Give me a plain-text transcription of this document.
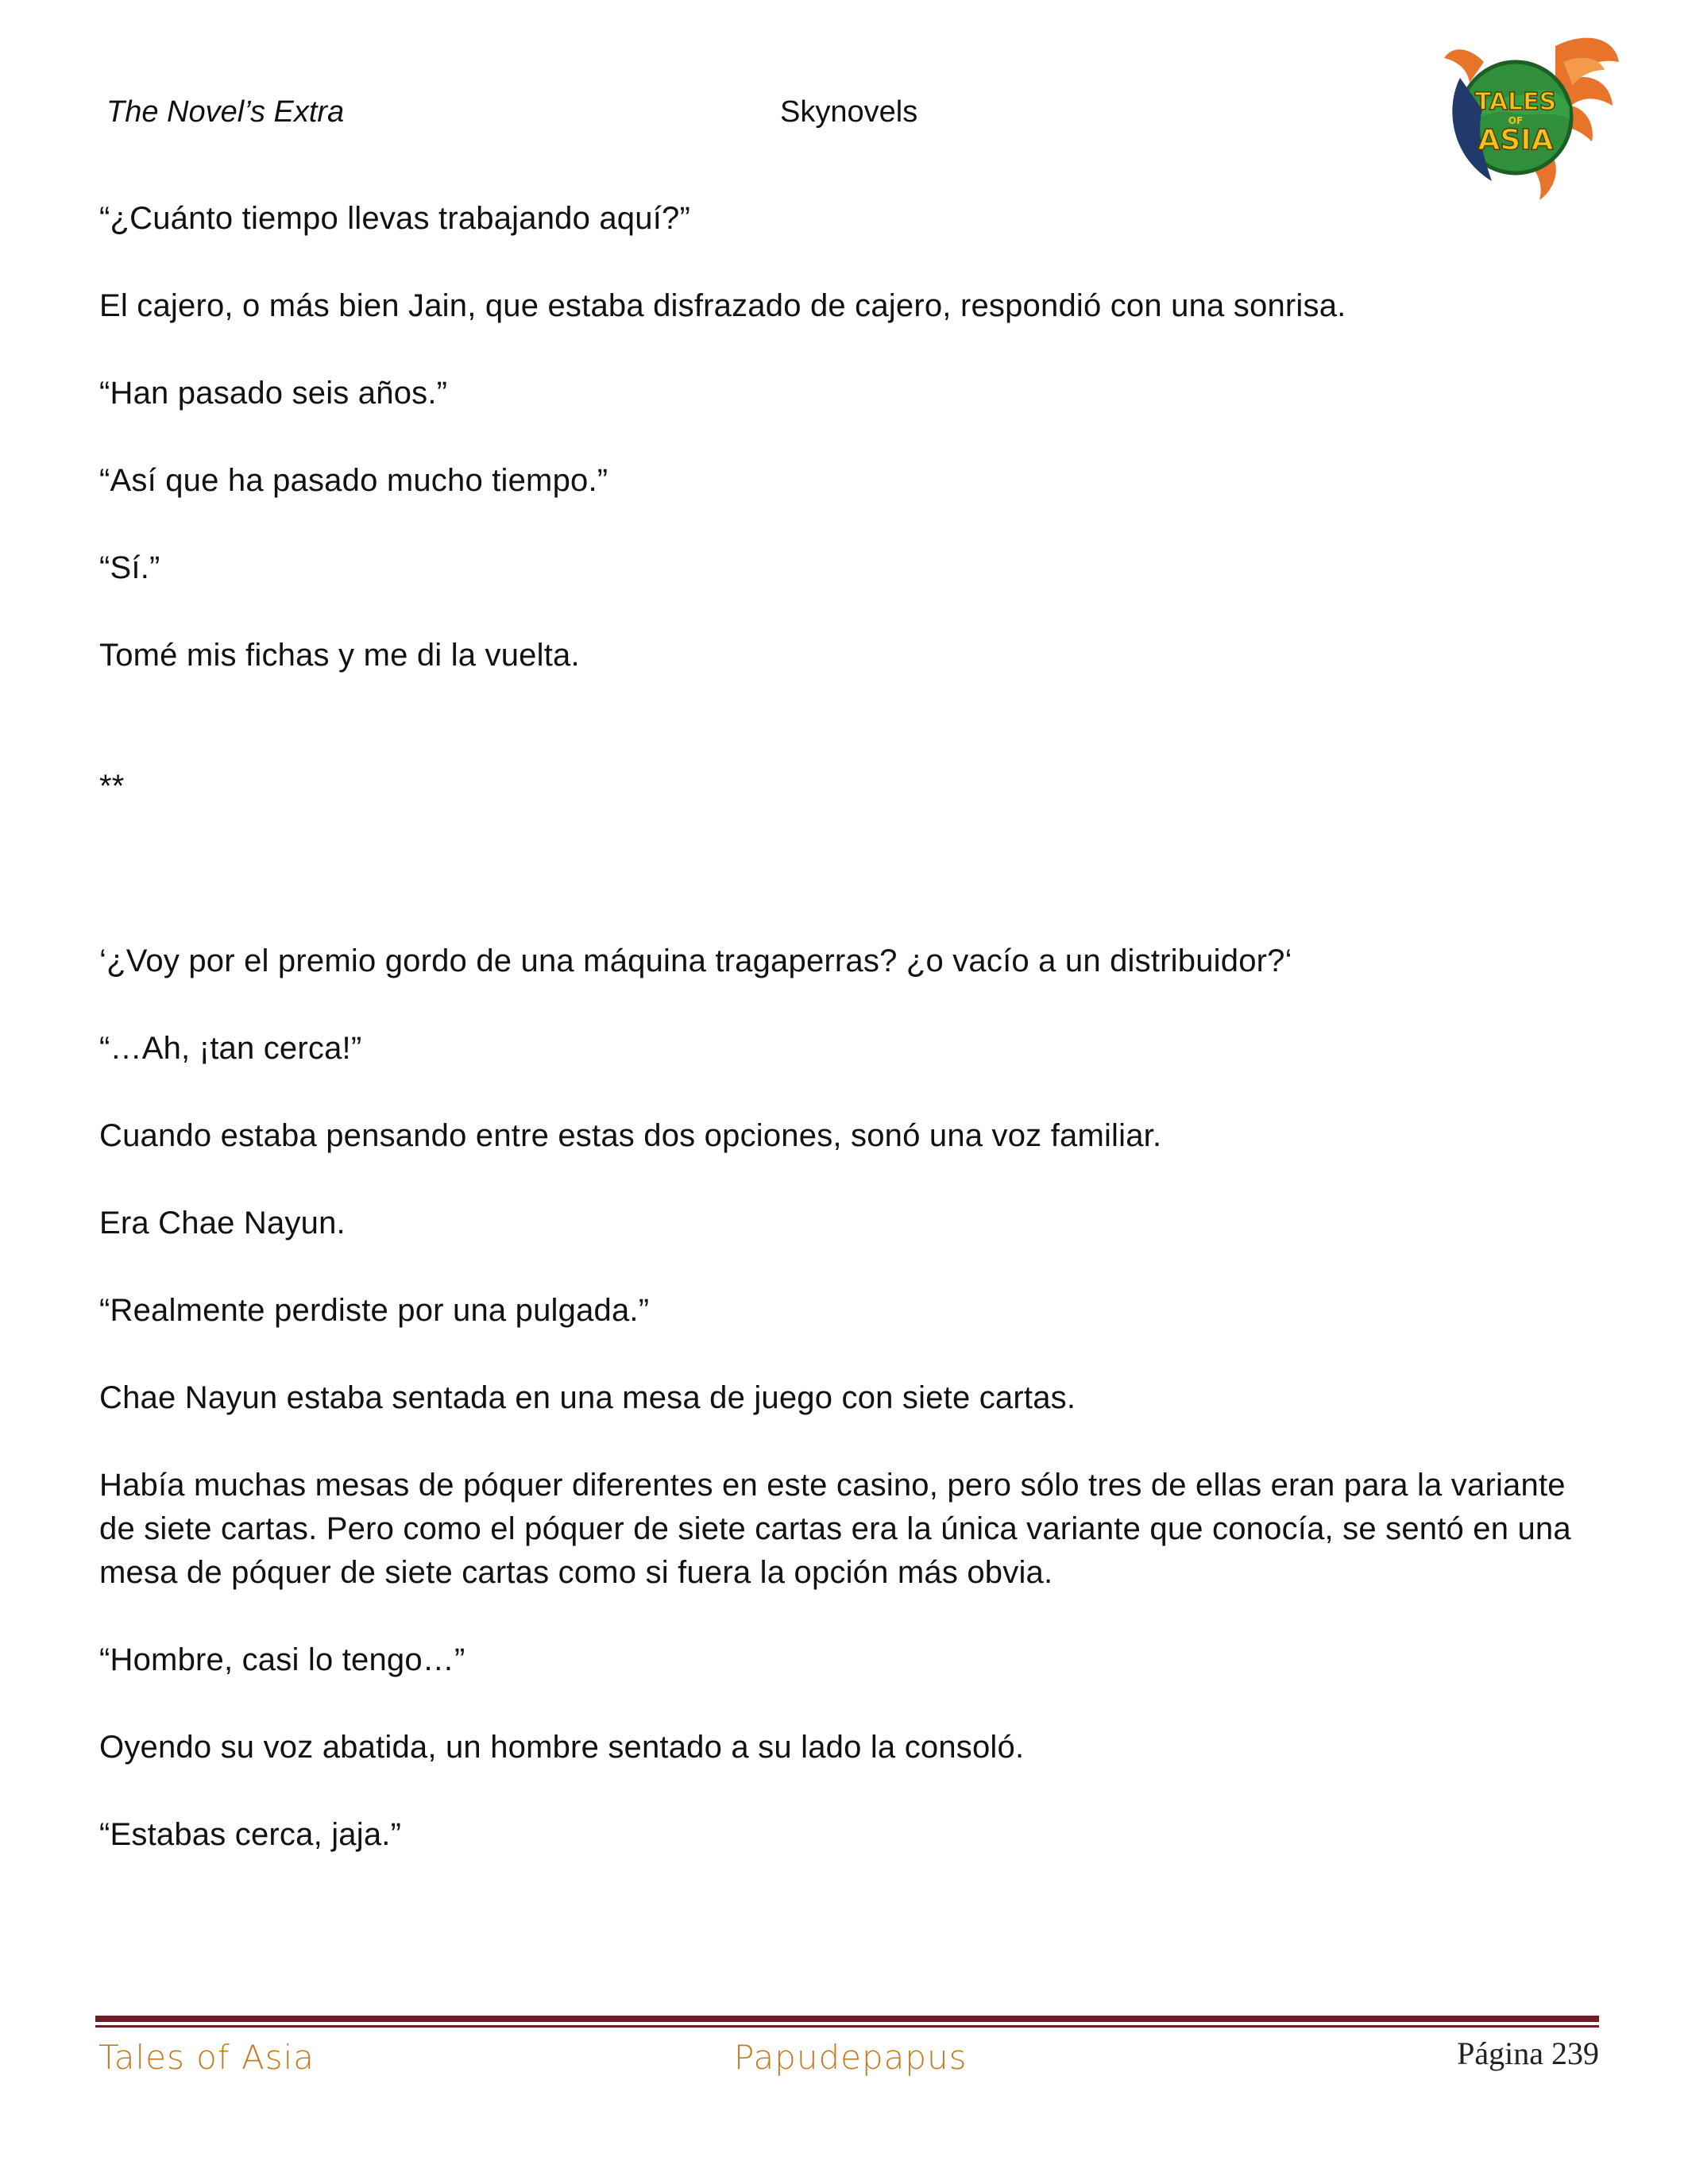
The Novel’s Extra	Skynovels	TALES
OF
ASIA

“¿Cuánto tiempo llevas trabajando aquí?”

El cajero, o más bien Jain, que estaba disfrazado de cajero, respondió con una sonrisa.

“Han pasado seis años.”

“Así que ha pasado mucho tiempo.”

“Sí.”

Tomé mis fichas y me di la vuelta.

**

‘¿Voy por el premio gordo de una máquina tragaperras? ¿o vacío a un distribuidor?‘

“…Ah, ¡tan cerca!”

Cuando estaba pensando entre estas dos opciones, sonó una voz familiar.

Era Chae Nayun.

“Realmente perdiste por una pulgada.”

Chae Nayun estaba sentada en una mesa de juego con siete cartas.

Había muchas mesas de póquer diferentes en este casino, pero sólo tres de ellas eran para la variante de siete cartas. Pero como el póquer de siete cartas era la única variante que conocía, se sentó en una mesa de póquer de siete cartas como si fuera la opción más obvia.

“Hombre, casi lo tengo…”

Oyendo su voz abatida, un hombre sentado a su lado la consoló.

“Estabas cerca, jaja.”

Tales of Asia	Papudepapus	Página 239
